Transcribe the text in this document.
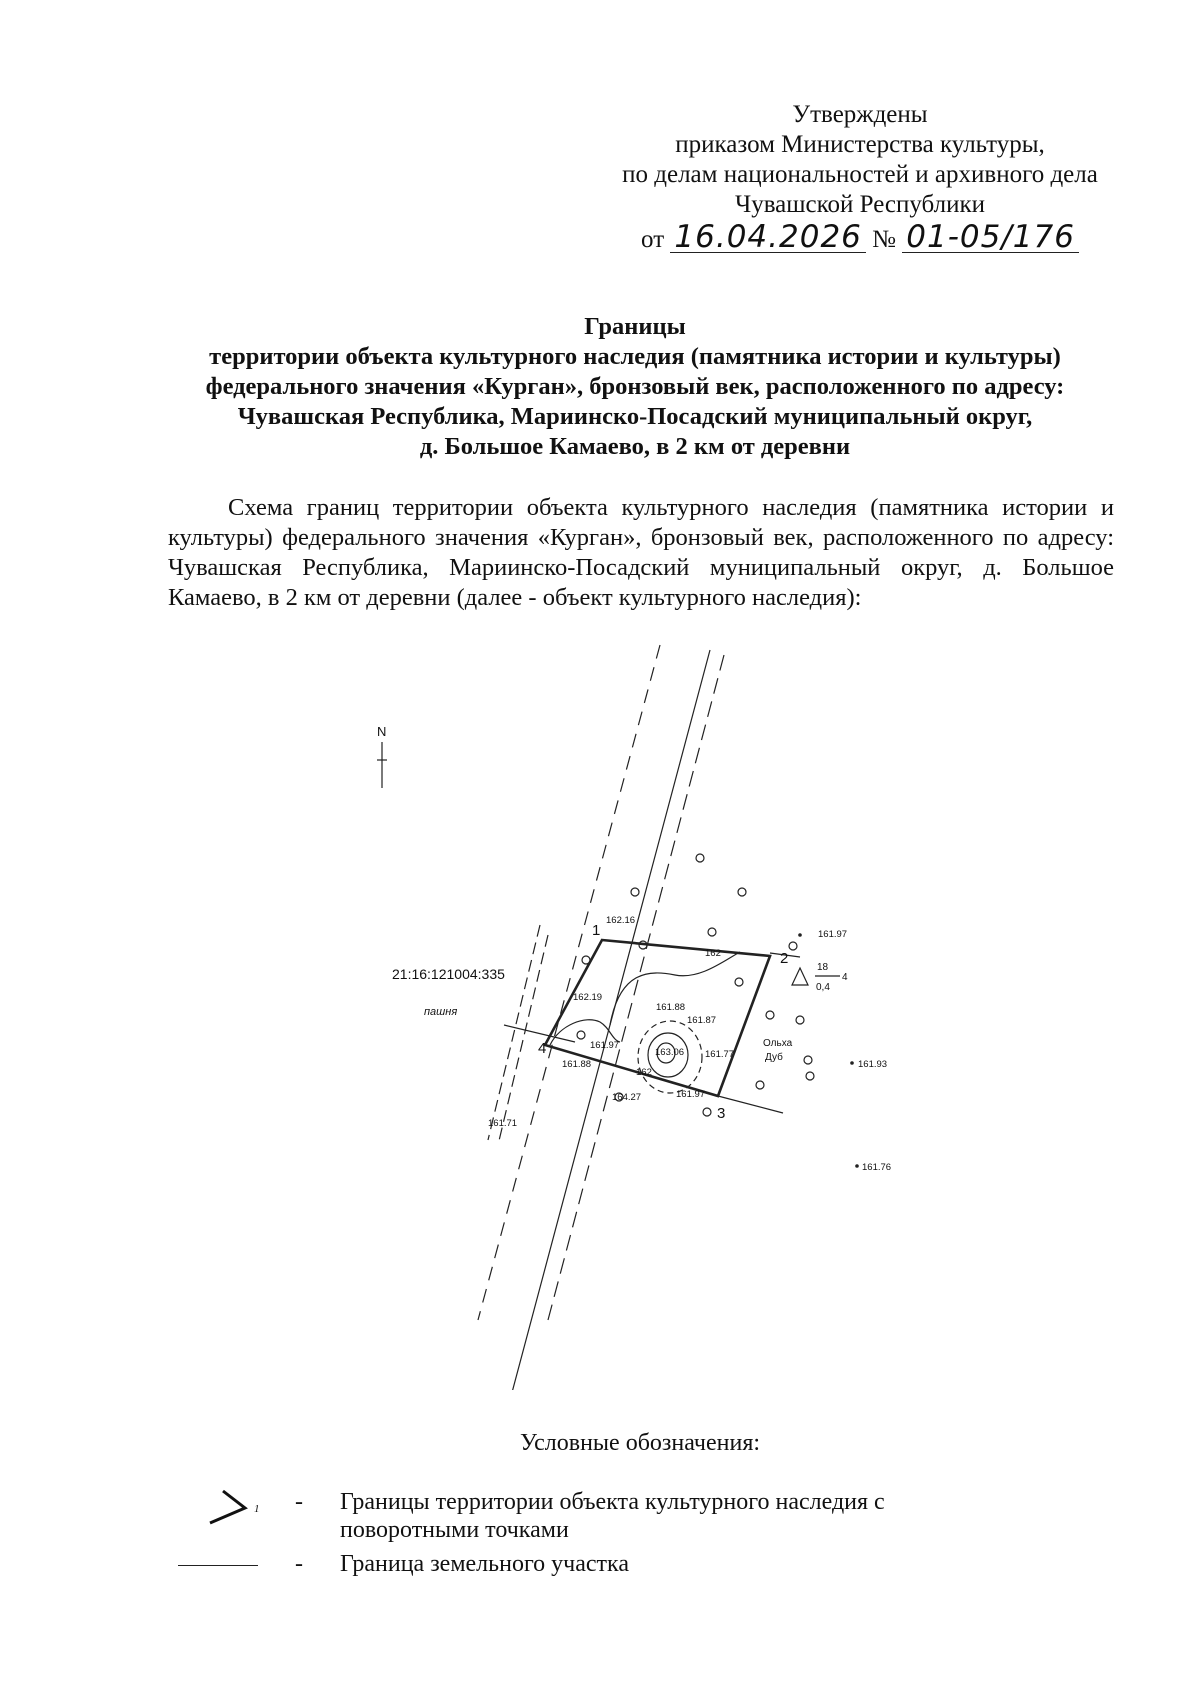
Утверждены
приказом Министерства культуры,
по делам национальностей и архивного дела
Чувашской Республики
от 16.04.2026 № 01-05/176
Границы
территории объекта культурного наследия (памятника истории и культуры)
федерального значения «Курган», бронзовый век, расположенного по адресу:
Чувашская Республика, Мариинско-Посадский муниципальный округ,
д. Большое Камаево, в 2 км от деревни
Схема границ территории объекта культурного наследия (памятника истории и культуры) федерального значения «Курган», бронзовый век, расположенного по адресу: Чувашская Республика, Мариинско-Посадский муниципальный округ, д. Большое Камаево, в 2 км от деревни (далее - объект культурного наследия):
N
21:16:121004:335
пашня
1
2
3
4
162.16
162
161.97
162.19
161.88
161.87
163.06
161.97
161.77
161.88
162
164.27	161.97
161.71
161.93
161.76
Ольха
Дуб
18
0,4
4
Условные обозначения:
1 - Границы территории объекта культурного наследия с поворотными точками
- Граница земельного участка
